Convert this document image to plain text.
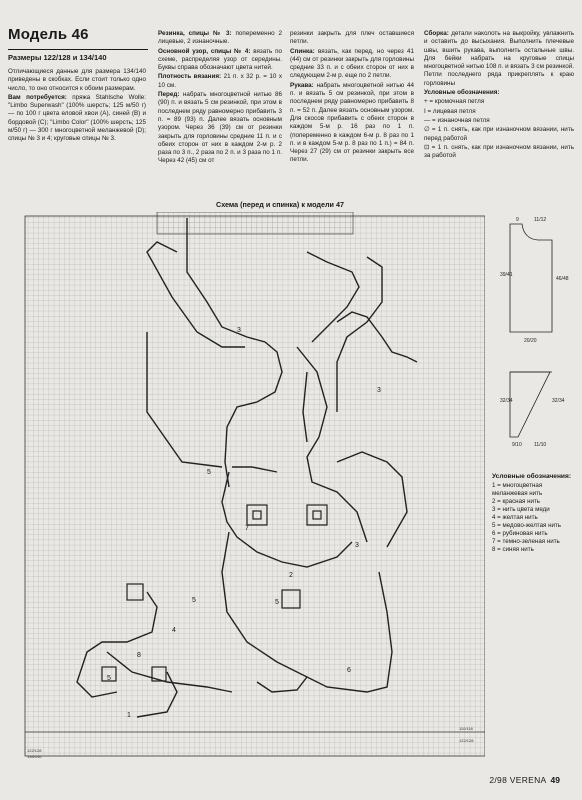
Модель 46
Размеры 122/128 и 134/140

Отличающиеся данные для размера 134/140 приведены в скобках. Если стоит только одно число, то оно относится к обоим размерам.

Вам потребуется: пряжа Stahlsche Wolle: "Limbo Superwash" (100% шерсть; 125 м/50 г) — по 100 г цвета еловой хвои (A), синей (B) и бордовой (C); "Limbo Color" (100% шерсть; 125 м/50 г) — 300 г многоцветной меланжевой (D); спицы № 3 и 4; круговые спицы № 3.

Резинка, спицы № 3: попеременно 2 лицевые, 2 изнаночные.

Основной узор, спицы № 4: вязать по схеме, распределяя узор от середины. Буквы справа обозначают цвета нитей.

Плотность вязания: 21 п. x 32 р. = 10 x 10 см.

Перед: набрать многоцветной нитью 86 (90) п. и вязать 5 см резинкой, при этом в последнем ряду равномерно прибавить 3 п. = 89 (93) п. Далее вязать основным узором. Через 36 (39) см от резинки закрыть для горловины средние 11 п. и с обеих сторон от них в каждом 2-м р. 2 раза по 3 п., 2 раза по 2 п. и 3 раза по 1 п. Через 42 (45) см от

резинки закрыть для плеч оставшиеся петли.

Спинка: вязать, как перед, но через 41 (44) см от резинки закрыть для горловины средние 33 п. и с обеих сторон от них в следующем 2-м р. еще по 2 петли.

Рукава: набрать многоцветной нитью 44 п. и вязать 5 см резинкой, при этом в последнем ряду равномерно прибавить 8 п. = 52 п. Далее вязать основным узором. Для скосов прибавить с обеих сторон в каждом 5-м р. 16 раз по 1 п. (попеременно в каждом 6-м р. 8 раз по 1 п. и в каждом 5-м р. 8 раз по 1 п.) = 84 п. Через 27 (29) см от резинки закрыть все петли.

Сборка: детали наколоть на выкройку, увлажнить и оставить до высыхания. Выполнить плечевые швы, вшить рукава, выполнить остальные швы. Для бейки набрать на круговые спицы многоцветной нитью 108 п. и вязать 3 см резинкой. Петли последнего ряда прикреплять к краю горловины

Условные обозначения:

+ = кромочная петля

I = лицевая петля

— = изнаночная петля

∅ = 1 п. снять, как при изнаночном вязании, нить перед работой

⊡ = 1 п. снять, как при изнаночном вязании, нить за работой

Схема (перед и спинка) к модели 47
3
5
3
3
6
7
5
1
5
4
8
5
2
122/128
134/140
110/116
122/128
9	11/12
39/41
46/48
20/20
32/34	32/34
9/10 11/10
Условные обозначения:
1 = многоцветная меланжевая нить
2 = красная нить
3 = нить цвета меди
4 = желтая нить
5 = медово-желтая нить
6 = рубиновая нить
7 = темно-зеленая нить
8 = синяя нить
2/98 VERENA 49
